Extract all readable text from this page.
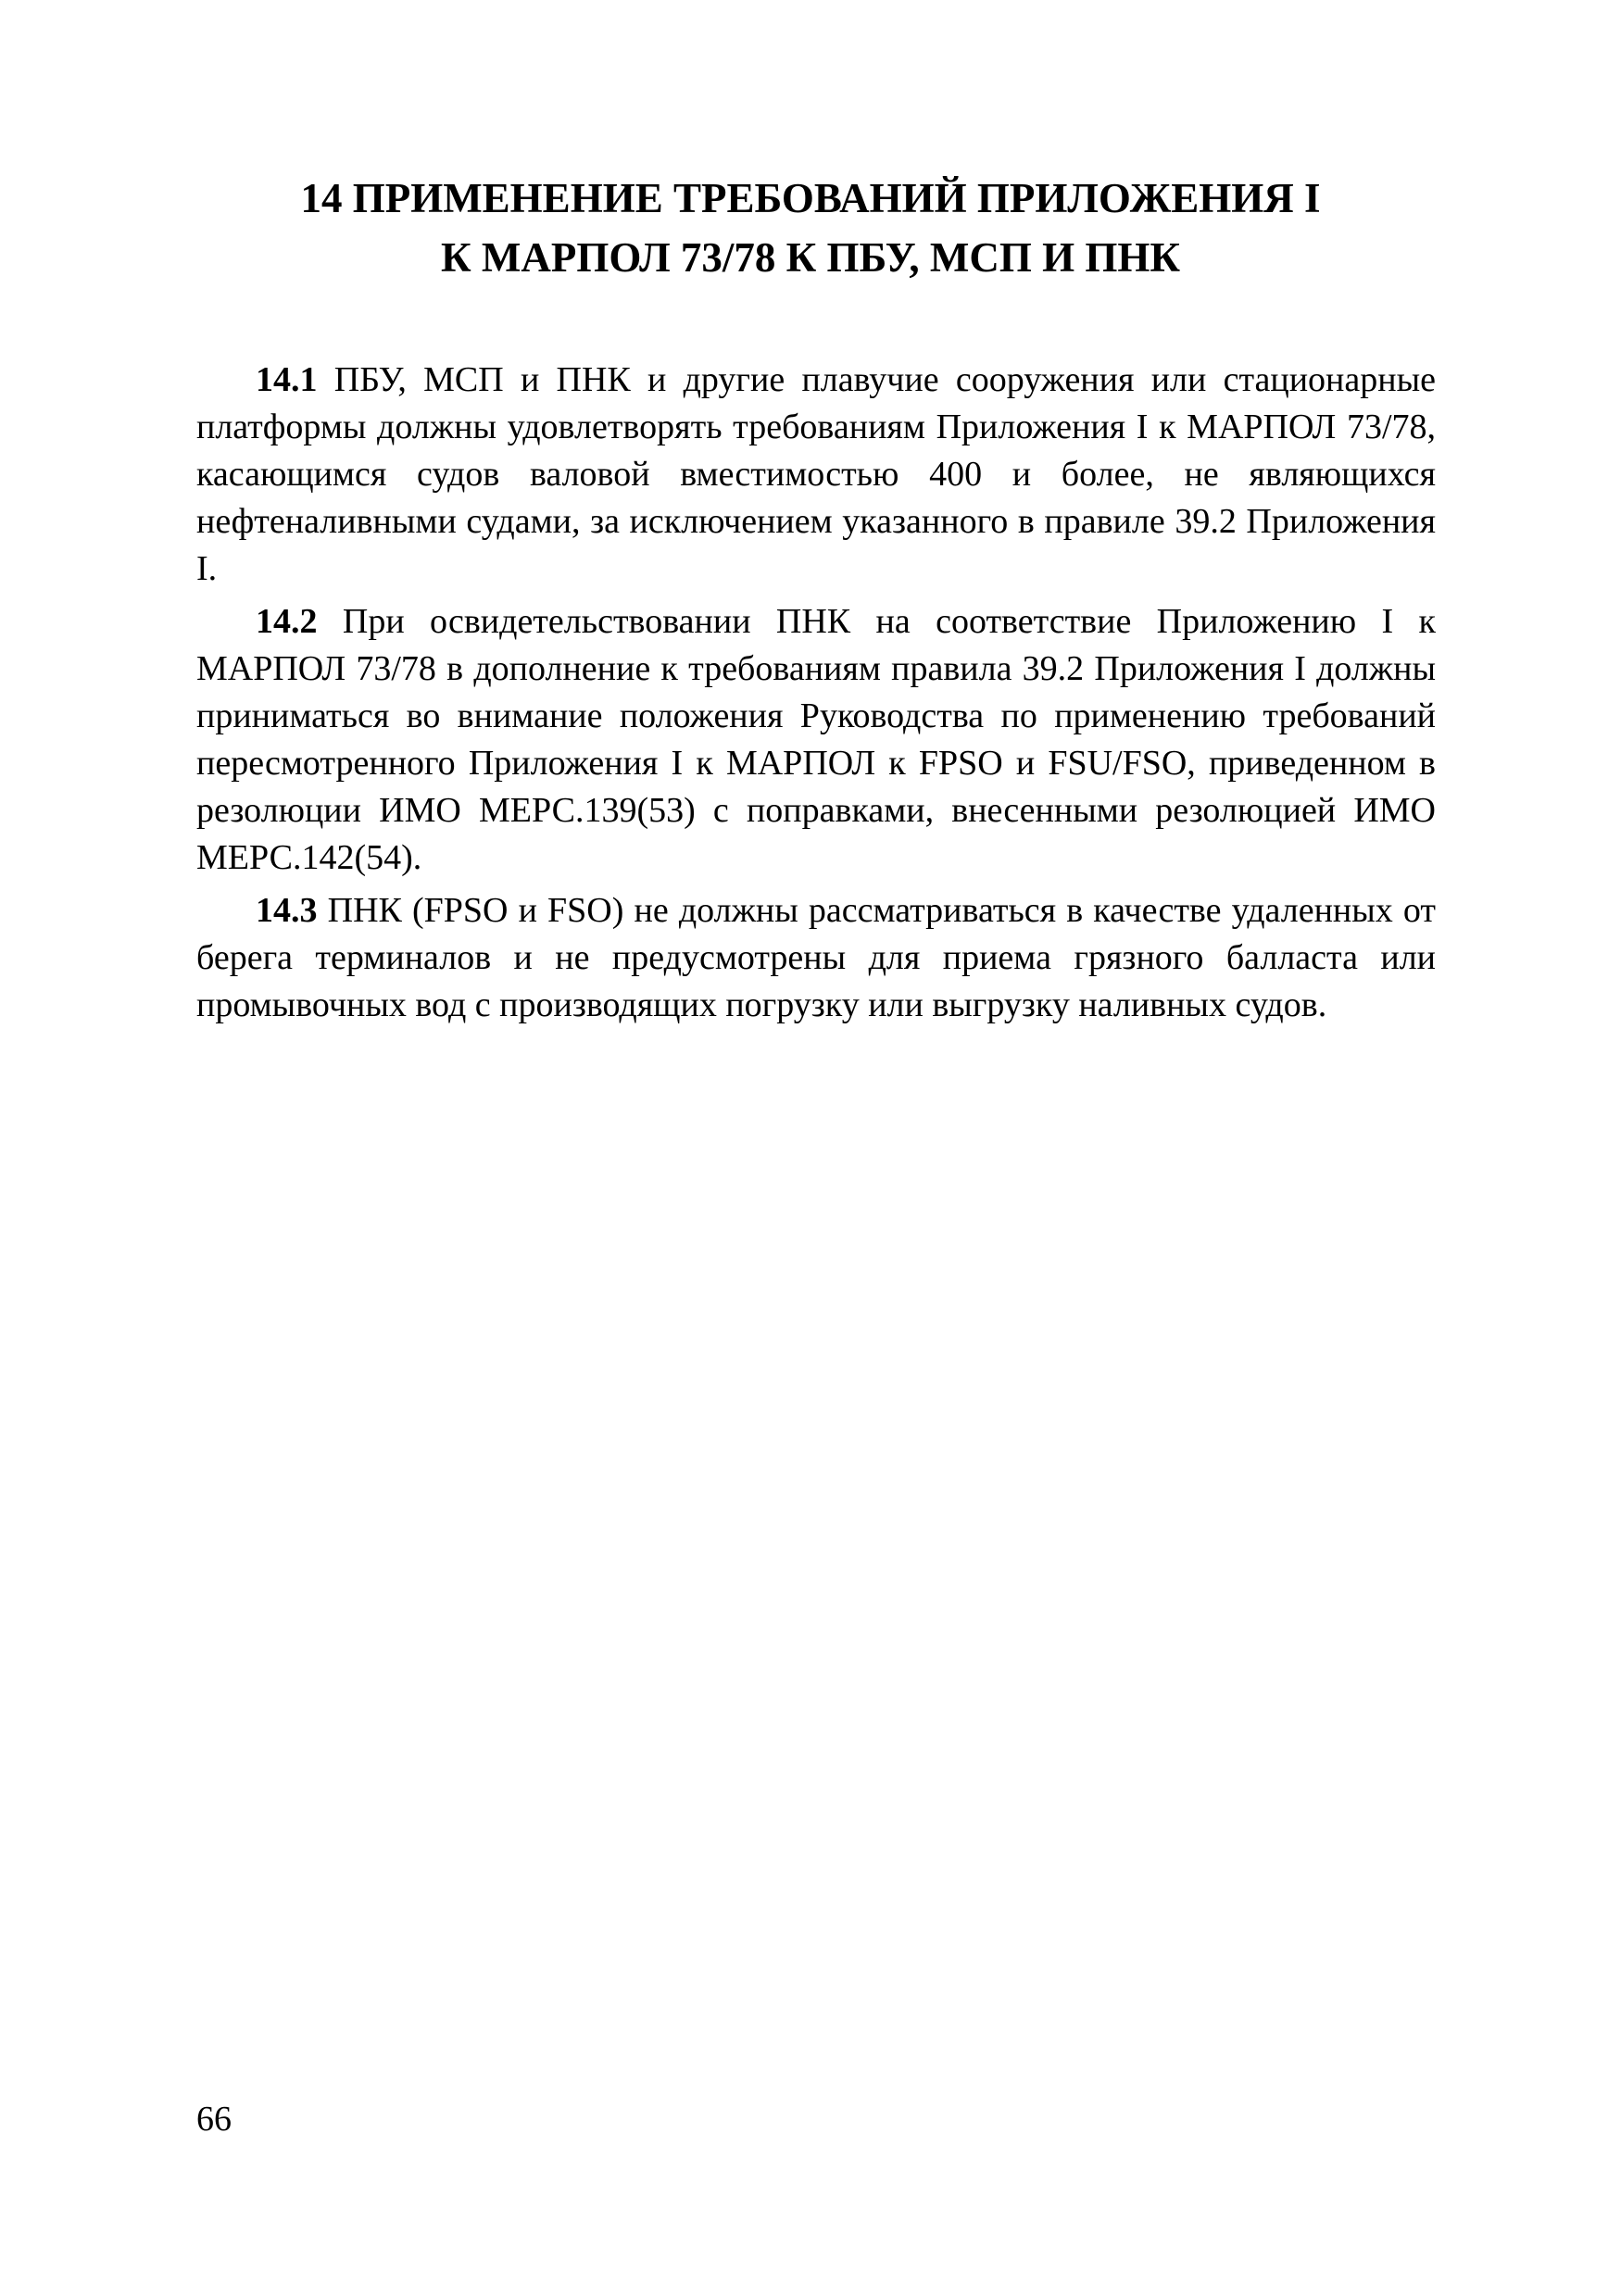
14 ПРИМЕНЕНИЕ ТРЕБОВАНИЙ ПРИЛОЖЕНИЯ I
К МАРПОЛ 73/78 К ПБУ, МСП И ПНК

14.1 ПБУ, МСП и ПНК и другие плавучие сооружения или стационарные платформы должны удовлетворять требованиям Приложения I к МАРПОЛ 73/78, касающимся судов валовой вместимостью 400 и более, не являющихся нефтеналивными судами, за исключением указанного в правиле 39.2 Приложения I.

14.2 При освидетельствовании ПНК на соответствие Приложению I к МАРПОЛ 73/78 в дополнение к требованиям правила 39.2 Приложения I должны приниматься во внимание положения Руководства по применению требований пересмотренного Приложения I к МАРПОЛ к FPSO и FSU/FSO, приведенном в резолюции ИМО МЕРС.139(53) с поправками, внесенными резолюцией ИМО МЕРС.142(54).

14.3 ПНК (FPSO и FSO) не должны рассматриваться в качестве удаленных от берега терминалов и не предусмотрены для приема грязного балласта или промывочных вод с производящих погрузку или выгрузку наливных судов.

66
